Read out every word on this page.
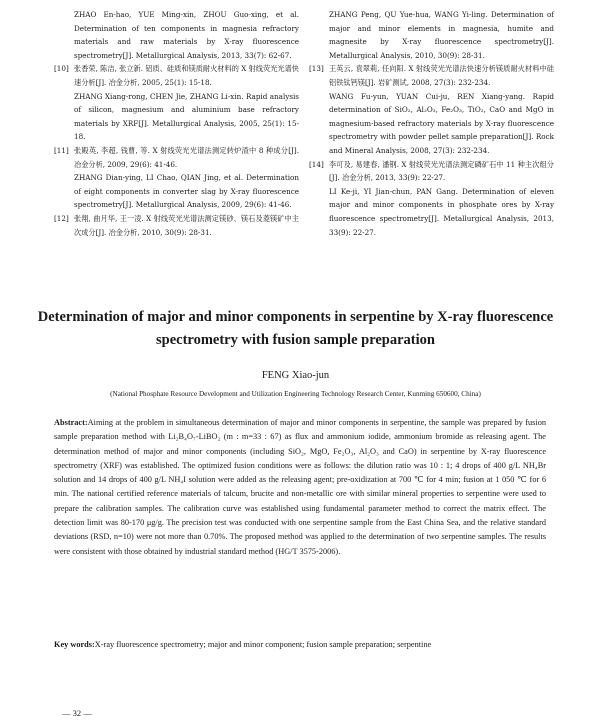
ZHAO En-hao, YUE Ming-xin, ZHOU Guo-xing, et al. Determination of ten components in magnesia refractory materials and raw materials by X-ray fluorescence spectrometry[J]. Metallurgical Analysis, 2013, 33(7): 62-67.

[10] 张香荣, 陈洁, 张立新. 铝质、硅质和镁质耐火材料的 X 射线荧光光谱快速分析[J]. 冶金分析, 2005, 25(1): 15-18.

ZHANG Xiang-rong, CHEN Jie, ZHANG Li-xin. Rapid analysis of silicon, magnesium and aluminium base refractory materials by XRF[J]. Metallurgical Analysis, 2005, 25(1): 15-18.

[11] 张殿英, 李超, 钱曹, 等. X 射线荧光光谱法测定转炉渣中 8 种成分[J]. 冶金分析, 2009, 29(6): 41-46.

ZHANG Dian-ying, LI Chao, QIAN Jing, et al. Determination of eight components in converter slag by X-ray fluorescence spectrometry[J]. Metallurgical Analysis, 2009, 29(6): 41-46.

[12] 张翔, 曲月华, 王一凌. X 射线荧光光谱法测定镁砂、镁石及菱镁矿中主次成分[J]. 冶金分析, 2010, 30(9): 28-31.

ZHANG Peng, QU Yue-hua, WANG Yi-ling. Determination of major and minor elements in magnesia, humite and magnesite by X-ray fluorescence spectrometry[J]. Metallurgical Analysis, 2010, 30(9): 28-31.

[13] 王英云, 袁翠莉, 任向阳. X 射线荧光光谱法快速分析镁质耐火材料中硅铝铁钛钙镁[J]. 岩矿测试, 2008, 27(3): 232-234.

WANG Fu-yun, YUAN Cui-ju, REN Xiang-yang. Rapid determination of SiO₂, Al₂O₃, Fe₂O₃, TiO₂, CaO and MgO in magnesium-based refractory materials by X-ray fluorescence spectrometry with powder pellet sample preparation[J]. Rock and Mineral Analysis, 2008, 27(3): 232-234.

[14] 李可及, 易建春, 潘钢. X 射线荧光光谱法测定磷矿石中 11 种主次组分[J]. 冶金分析, 2013, 33(9): 22-27.

LI Ke-ji, YI Jian-chun, PAN Gang. Determination of eleven major and minor components in phosphate ores by X-ray fluorescence spectrometry[J]. Metallurgical Analysis, 2013, 33(9): 22-27.

Determination of major and minor components in serpentine by X-ray fluorescence spectrometry with fusion sample preparation

FENG Xiao-jun

(National Phosphate Resource Development and Utilization Engineering Technology Research Center, Kunming 650600, China)

Abstract:Aiming at the problem in simultaneous determination of major and minor components in serpentine, the sample was prepared by fusion sample preparation method with Li₂B₄O₇-LiBO₂ (m : m=33 : 67) as flux and ammonium iodide, ammonium bromide as releasing agent. The determination method of major and minor components (including SiO₂, MgO, Fe₂O₃, Al₂O₃ and CaO) in serpentine by X-ray fluorescence spectrometry (XRF) was established. The optimized fusion conditions were as follows: the dilution ratio was 10 : 1; 4 drops of 400 g/L NH₄Br solution and 14 drops of 400 g/L NH₄I solution were added as the releasing agent; pre-oxidization at 700 ℃ for 4 min; fusion at 1 050 ℃ for 6 min. The national certified reference materials of talcum, brucite and non-metallic ore with similar mineral properties to serpentine were used to prepare the calibration samples. The calibration curve was established using fundamental parameter method to correct the matrix effect. The detection limit was 80-170 μg/g. The precision test was conducted with one serpentine sample from the East China Sea, and the relative standard deviations (RSD, n=10) were not more than 0.70%. The proposed method was applied to the determination of two serpentine samples. The results were consistent with those obtained by industrial standard method (HG/T 3575-2006).

Key words:X-ray fluorescence spectrometry; major and minor component; fusion sample preparation; serpentine

— 32 —
